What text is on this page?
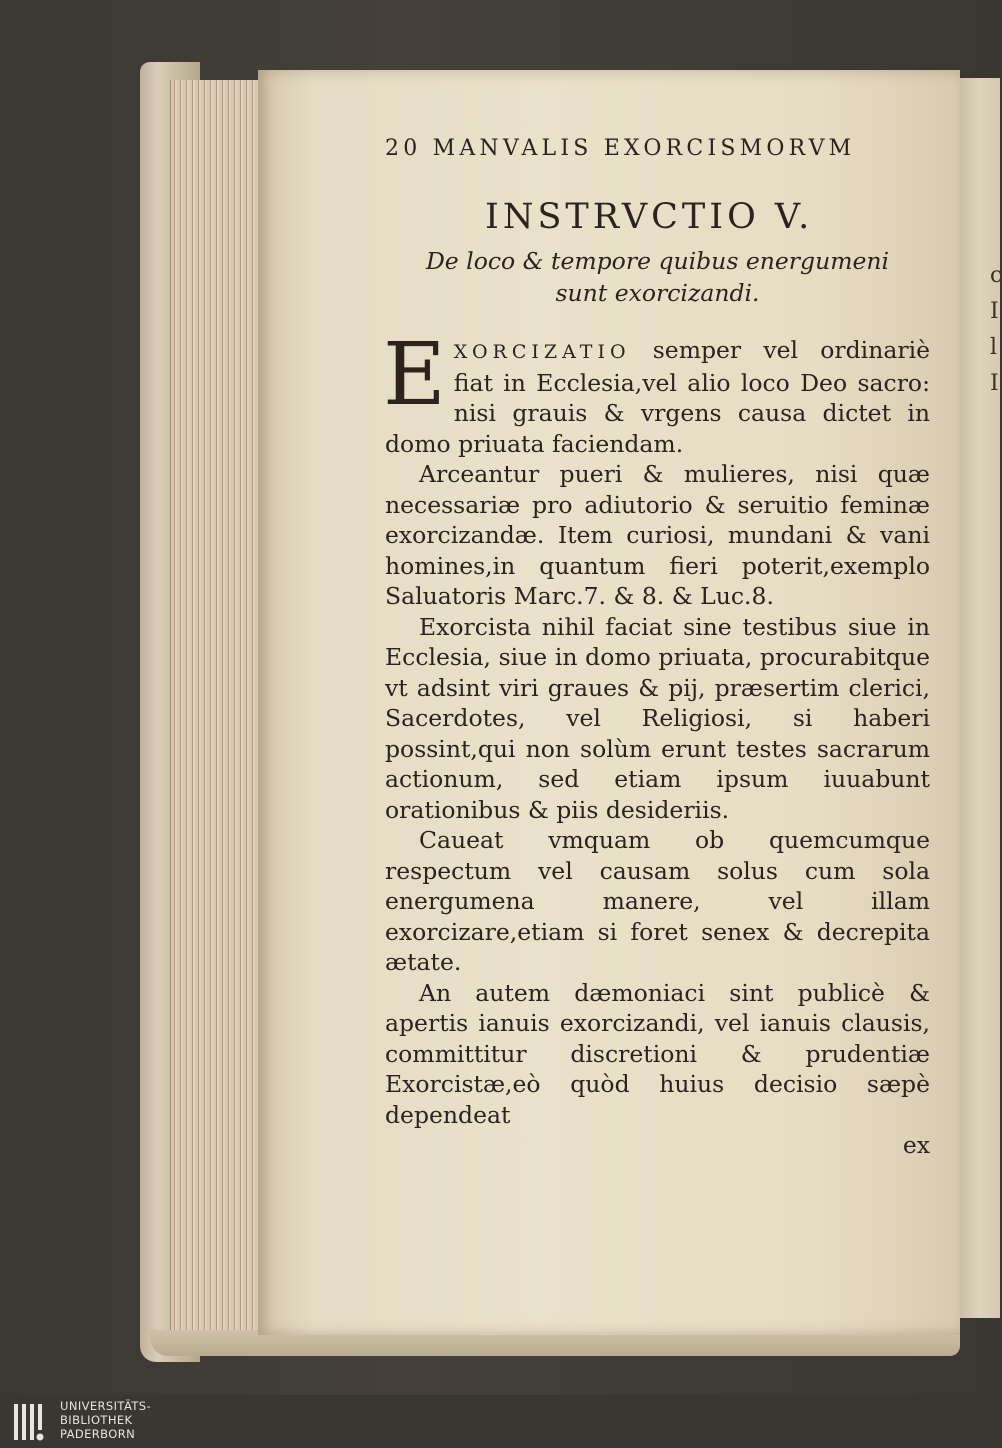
c
I
l
I
20 MANVALIS EXORCISMORVM
INSTRVCTIO V.
De loco & tempore quibus energumeni
sunt exorcizandi.

EXORCIZATIO semper vel ordinariè fiat in Ecclesia,vel alio loco Deo sacro: nisi grauis & vrgens causa dictet in domo priuata faciendam.

Arceantur pueri & mulieres, nisi quæ necessariæ pro adiutorio & seruitio feminæ exorcizandæ. Item curiosi, mundani & vani homines,in quantum fieri poterit,exemplo Saluatoris Marc.7. & 8. & Luc.8.

Exorcista nihil faciat sine testibus siue in Ecclesia, siue in domo priuata, procurabitque vt adsint viri graues & pij, præsertim clerici, Sacerdotes, vel Religiosi, si haberi possint,qui non solùm erunt testes sacrarum actionum, sed etiam ipsum iuuabunt orationibus & piis desideriis.

Caueat vmquam ob quemcumque respectum vel causam solus cum sola energumena manere, vel illam exorcizare,etiam si foret senex & decrepita ætate.

An autem dæmoniaci sint publicè & apertis ianuis exorcizandi, vel ianuis clausis, committitur discretioni & prudentiæ Exorcistæ,eò quòd huius decisio sæpè dependeat

ex
UNIVERSITÄTS-
BIBLIOTHEK
PADERBORN
